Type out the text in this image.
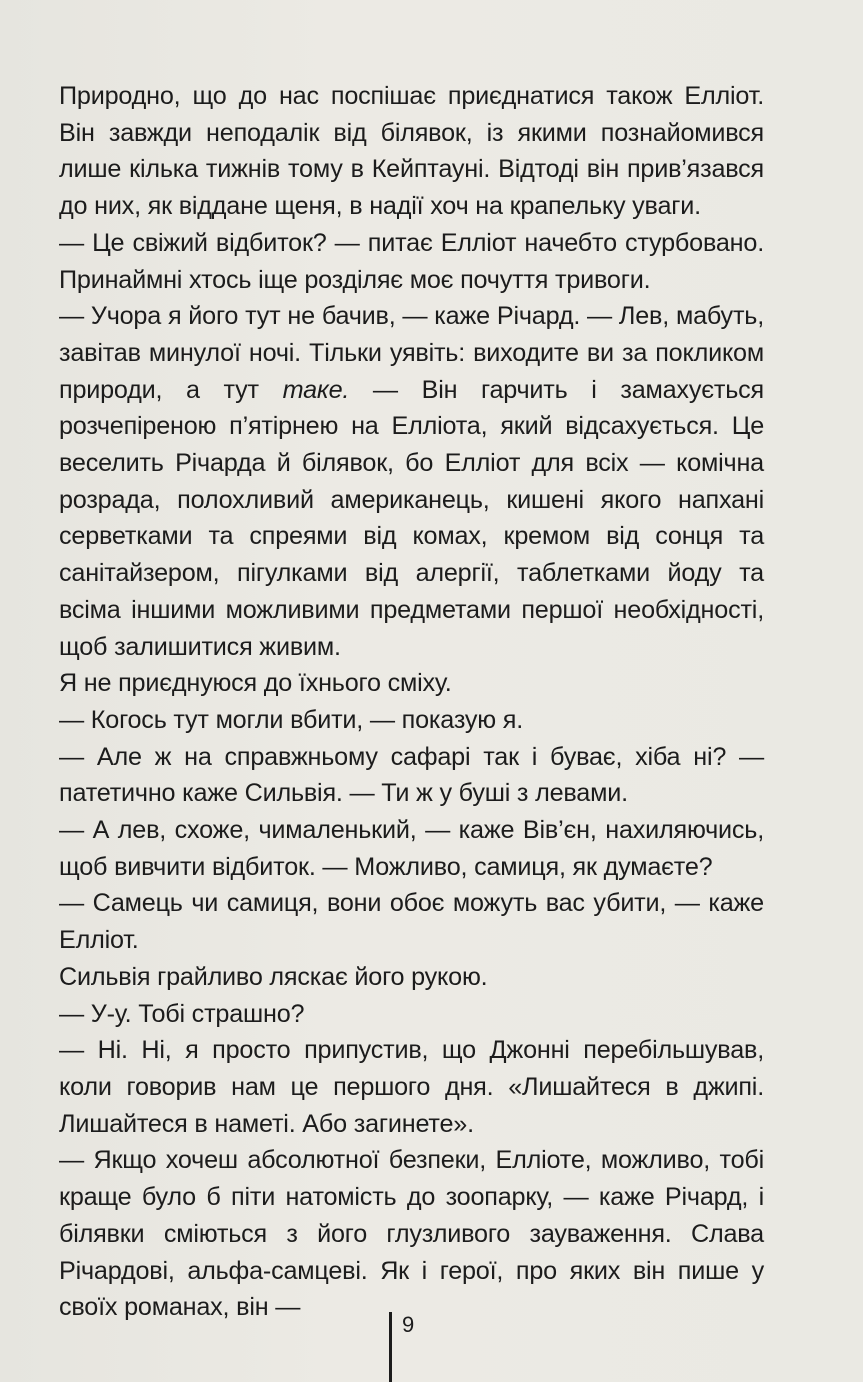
Природно, що до нас поспішає приєднатися також Елліот. Він завжди неподалік від білявок, із якими познайомився лише кілька тижнів тому в Кейптауні. Відтоді він прив’язався до них, як віддане щеня, в надії хоч на крапельку уваги.

— Це свіжий відбиток? — питає Елліот начебто стурбовано. Принаймні хтось іще розділяє моє почуття тривоги.

— Учора я його тут не бачив, — каже Річард. — Лев, мабуть, завітав минулої ночі. Тільки уявіть: виходите ви за покликом природи, а тут таке. — Він гарчить і замахується розчепіреною п’ятірнею на Елліота, який відсахується. Це веселить Річарда й білявок, бо Елліот для всіх — комічна розрада, полохливий американець, кишені якого напхані серветками та спреями від комах, кремом від сонця та санітайзером, пігулками від алергії, таблетками йоду та всіма іншими можливими предметами першої необхідності, щоб залишитися живим.

Я не приєднуюся до їхнього сміху.

— Когось тут могли вбити, — показую я.

— Але ж на справжньому сафарі так і буває, хіба ні? — патетично каже Сильвія. — Ти ж у буші з левами.

— А лев, схоже, чималенький, — каже Вів’єн, нахиляючись, щоб вивчити відбиток. — Можливо, самиця, як думаєте?

— Самець чи самиця, вони обоє можуть вас убити, — каже Елліот.

Сильвія грайливо ляскає його рукою.

— У-у. Тобі страшно?

— Ні. Ні, я просто припустив, що Джонні перебільшував, коли говорив нам це першого дня. «Лишайтеся в джипі. Лишайтеся в наметі. Або загинете».

— Якщо хочеш абсолютної безпеки, Елліоте, можливо, тобі краще було б піти натомість до зоопарку, — каже Річард, і білявки сміються з його глузливого зауваження. Слава Річардові, альфа-самцеві. Як і герої, про яких він пише у своїх романах, він —

9
